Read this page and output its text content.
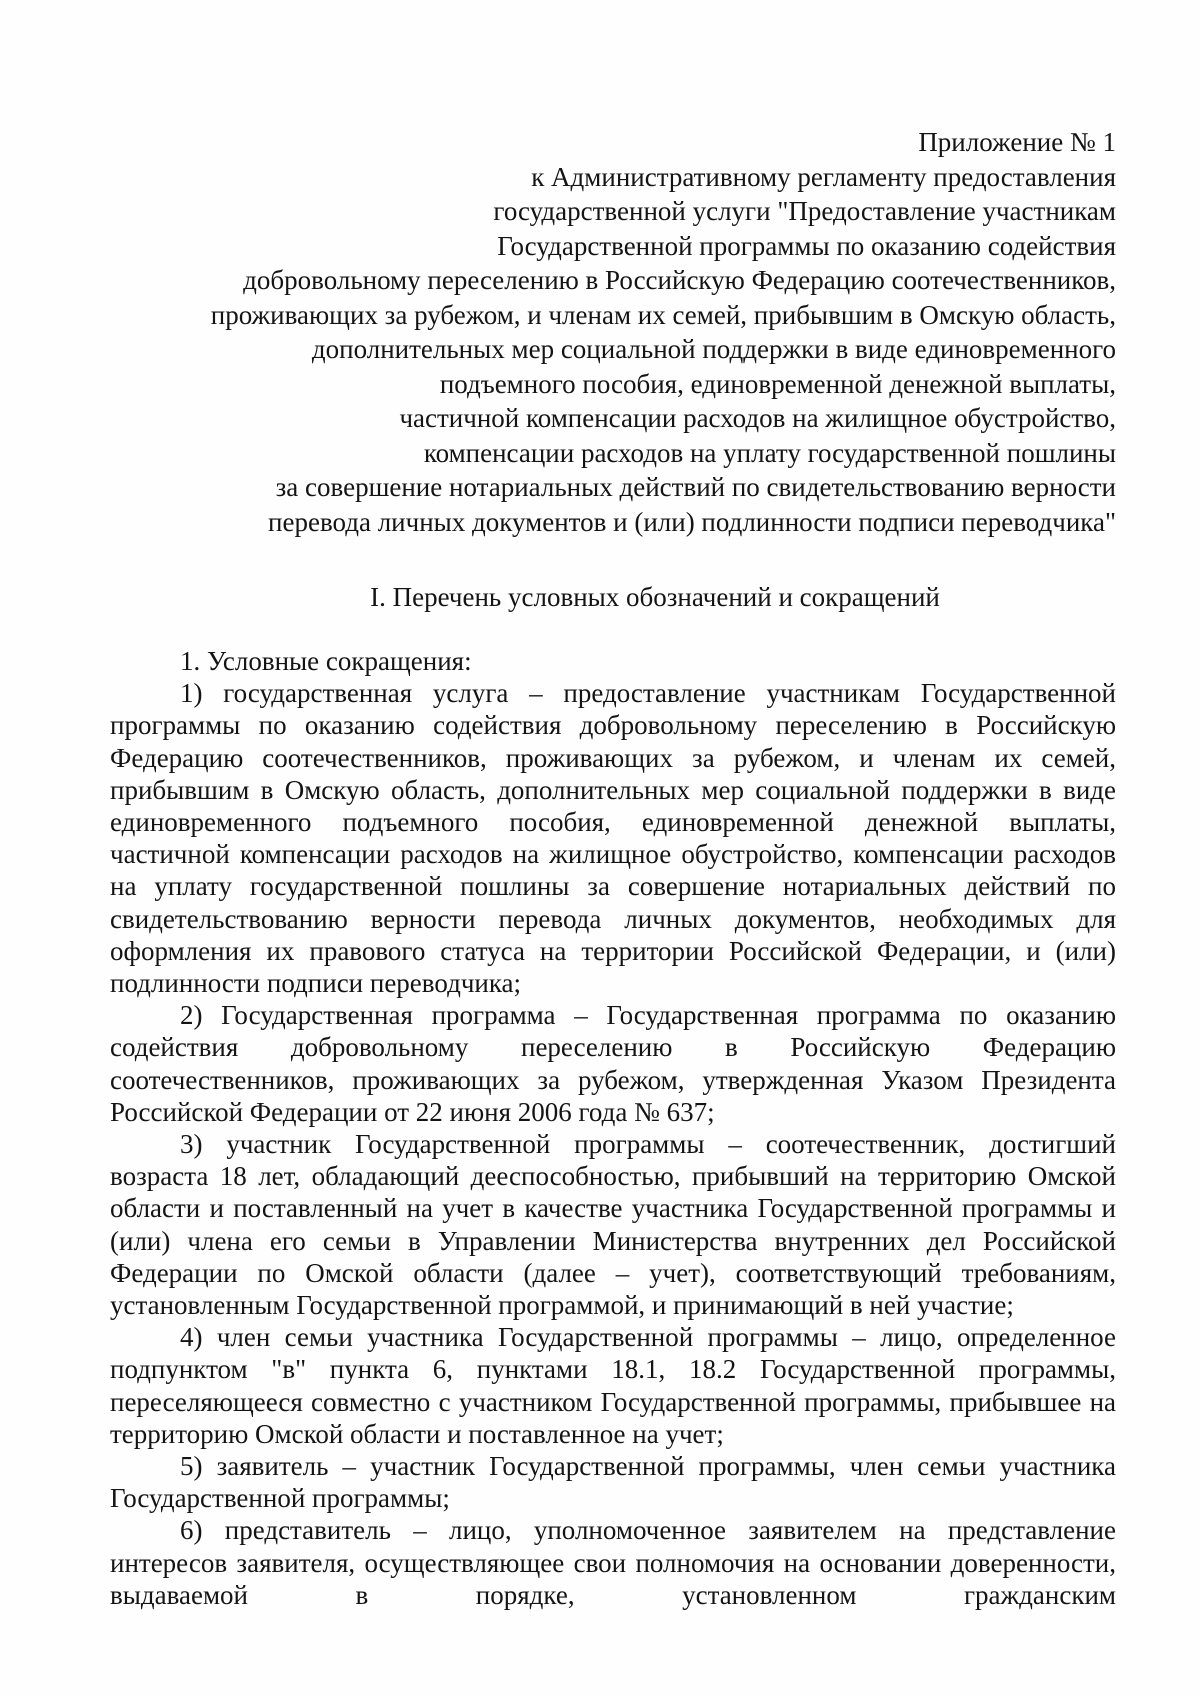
Приложение № 1
к Административному регламенту предоставления
государственной услуги "Предоставление участникам
Государственной программы по оказанию содействия
добровольному переселению в Российскую Федерацию соотечественников,
проживающих за рубежом, и членам их семей, прибывшим в Омскую область,
дополнительных мер социальной поддержки в виде единовременного
подъемного пособия, единовременной денежной выплаты,
частичной компенсации расходов на жилищное обустройство,
компенсации расходов на уплату государственной пошлины
за совершение нотариальных действий по свидетельствованию верности
перевода личных документов и (или) подлинности подписи переводчика"
I. Перечень условных обозначений и сокращений

1. Условные сокращения:

1) государственная услуга – предоставление участникам Государственной программы по оказанию содействия добровольному переселению в Российскую Федерацию соотечественников, проживающих за рубежом, и членам их семей, прибывшим в Омскую область, дополнительных мер социальной поддержки в виде единовременного подъемного пособия, единовременной денежной выплаты, частичной компенсации расходов на жилищное обустройство, компенсации расходов на уплату государственной пошлины за совершение нотариальных действий по свидетельствованию верности перевода личных документов, необходимых для оформления их правового статуса на территории Российской Федерации, и (или) подлинности подписи переводчика;

2) Государственная программа – Государственная программа по оказанию содействия добровольному переселению в Российскую Федерацию соотечественников, проживающих за рубежом, утвержденная Указом Президента Российской Федерации от 22 июня 2006 года № 637;

3) участник Государственной программы – соотечественник, достигший возраста 18 лет, обладающий дееспособностью, прибывший на территорию Омской области и поставленный на учет в качестве участника Государственной программы и (или) члена его семьи в Управлении Министерства внутренних дел Российской Федерации по Омской области (далее – учет), соответствующий требованиям, установленным Государственной программой, и принимающий в ней участие;

4) член семьи участника Государственной программы – лицо, определенное подпунктом "в" пункта 6, пунктами 18.1, 18.2 Государственной программы, переселяющееся совместно с участником Государственной программы, прибывшее на территорию Омской области и поставленное на учет;

5) заявитель – участник Государственной программы, член семьи участника Государственной программы;

6) представитель – лицо, уполномоченное заявителем на представление интересов заявителя, осуществляющее свои полномочия на основании доверенности, выдаваемой в порядке, установленном гражданским
